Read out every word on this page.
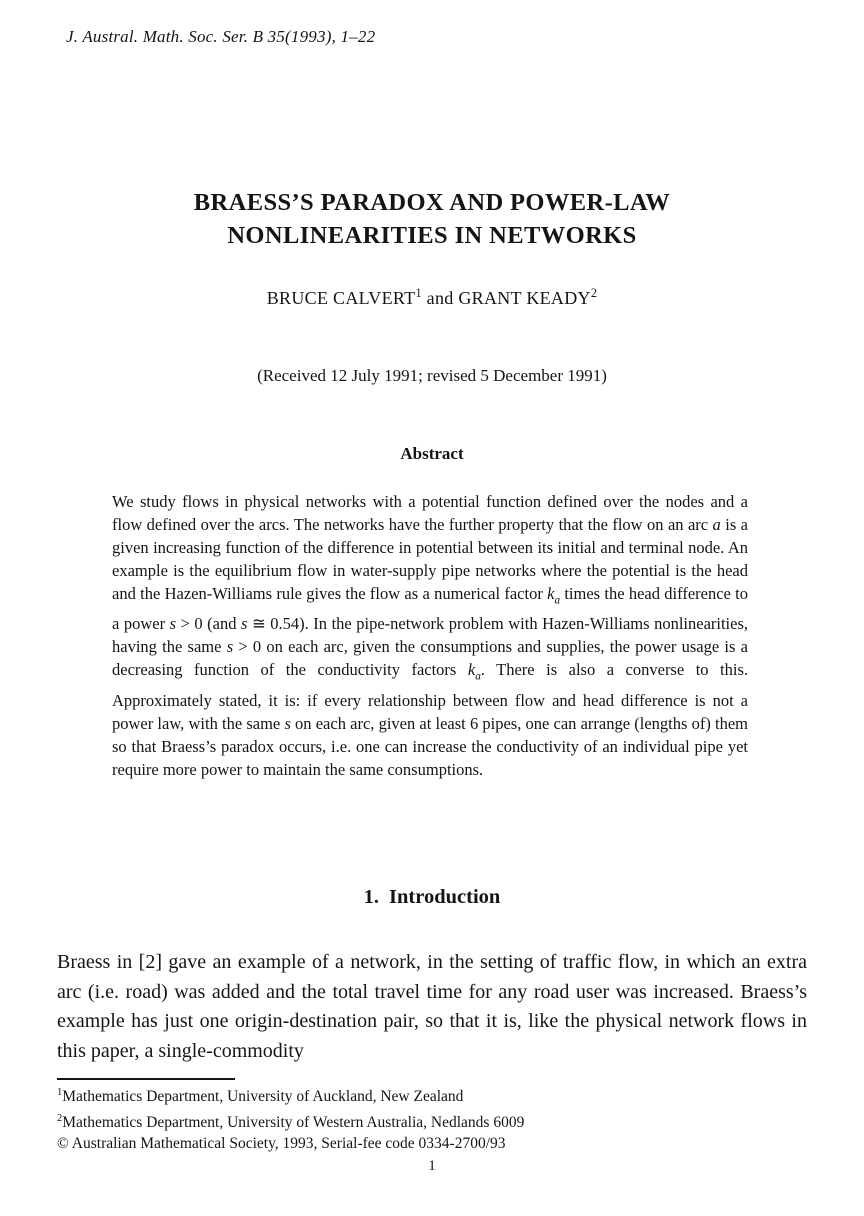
J. Austral. Math. Soc. Ser. B 35(1993), 1–22
BRAESS’S PARADOX AND POWER-LAW
NONLINEARITIES IN NETWORKS
BRUCE CALVERT$^1$ and GRANT KEADY$^2$
(Received 12 July 1991; revised 5 December 1991)
Abstract
We study flows in physical networks with a potential function defined over the nodes and a flow defined over the arcs. The networks have the further property that the flow on an arc a is a given increasing function of the difference in potential between its initial and terminal node. An example is the equilibrium flow in water-supply pipe networks where the potential is the head and the Hazen-Williams rule gives the flow as a numerical factor $k_a$ times the head difference to a power s > 0 (and s ≅ 0.54). In the pipe-network problem with Hazen-Williams nonlinearities, having the same s > 0 on each arc, given the consumptions and supplies, the power usage is a decreasing function of the conductivity factors $k_a$. There is also a converse to this. Approximately stated, it is: if every relationship between flow and head difference is not a power law, with the same s on each arc, given at least 6 pipes, one can arrange (lengths of) them so that Braess’s paradox occurs, i.e. one can increase the conductivity of an individual pipe yet require more power to maintain the same consumptions.
1. Introduction
Braess in [2] gave an example of a network, in the setting of traffic flow, in which an extra arc (i.e. road) was added and the total travel time for any road user was increased. Braess’s example has just one origin-destination pair, so that it is, like the physical network flows in this paper, a single-commodity
$^1$Mathematics Department, University of Auckland, New Zealand
$^2$Mathematics Department, University of Western Australia, Nedlands 6009
© Australian Mathematical Society, 1993, Serial-fee code 0334-2700/93
1
